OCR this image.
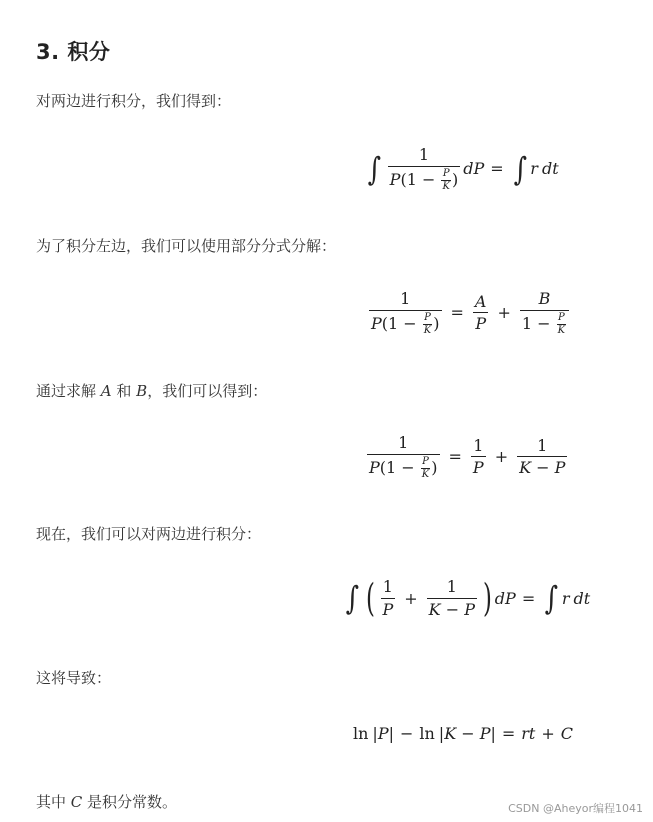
3. 积分
对两边进行积分，我们得到：
∫ $\frac{1}{P(1 - \frac{P}{K} )}$ d P = ∫ r d t
为了积分左边，我们可以使用部分分式分解：
$\frac{1}{P(1 - \frac{P}{K} )} = \frac{A}{P} + \frac{B}{1 - \frac{P}{K}}$
通过求解 A 和 B，我们可以得到：
$\frac{1}{P(1 - \frac{P}{K} )} = \frac{1}{P} + \frac{1}{K - P}$
现在，我们可以对两边进行积分：
∫ ( $\frac{1}{P} + \frac{1}{K - P}$ ) d P = ∫ r d t
这将导致：
ln |P| − ln |K − P| = rt + C
其中 C 是积分常数。	CSDN @Aheyor编程1041
